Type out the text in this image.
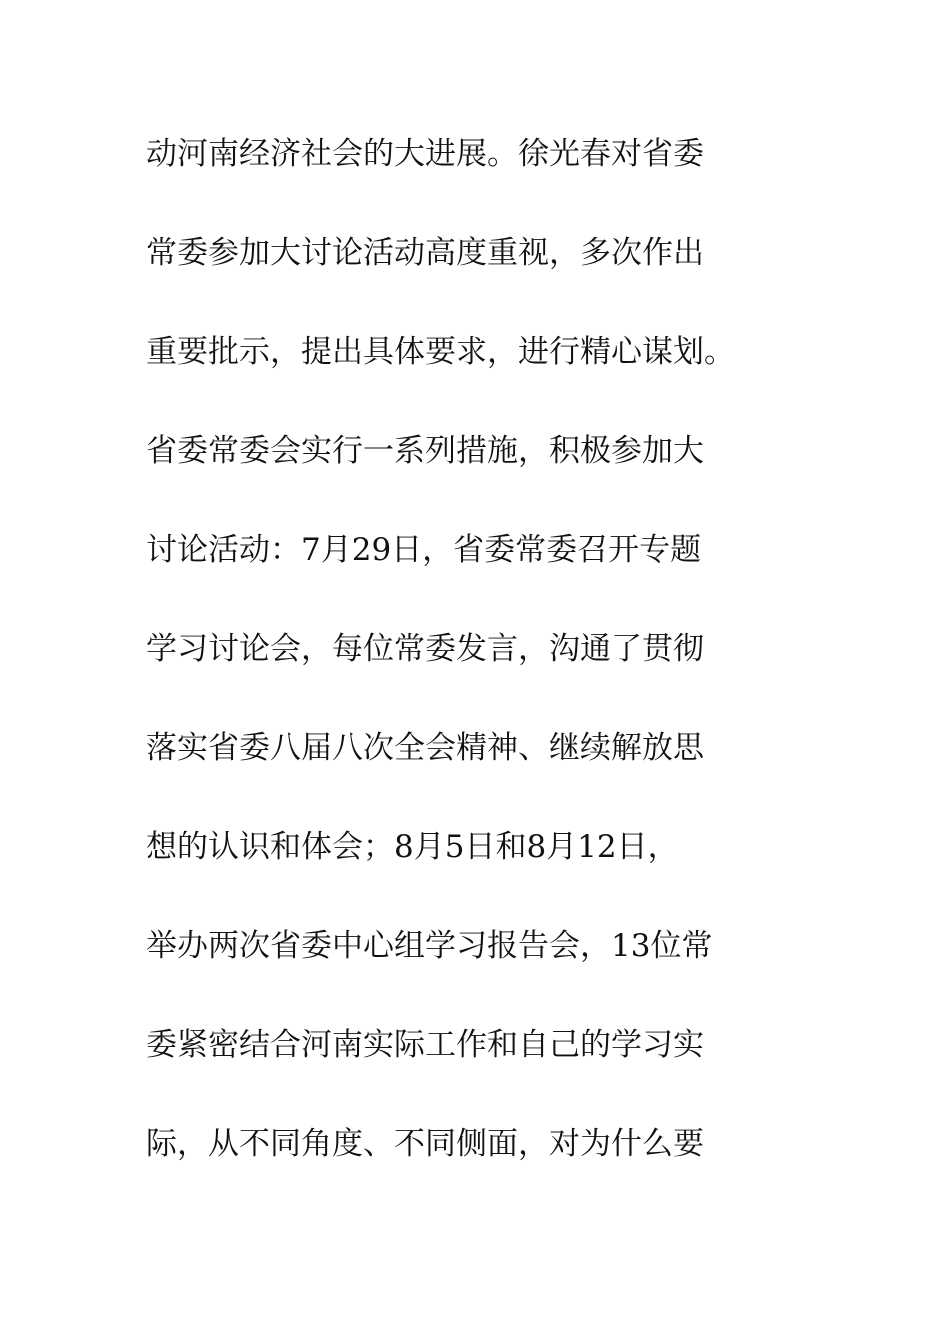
动河南经济社会的大进展。徐光春对省委
常委参加大讨论活动高度重视，多次作出
重要批示，提出具体要求，进行精心谋划。
省委常委会实行一系列措施，积极参加大
讨论活动：7月29日，省委常委召开专题
学习讨论会，每位常委发言，沟通了贯彻
落实省委八届八次全会精神、继续解放思
想的认识和体会；8月5日和8月12日，
举办两次省委中心组学习报告会，13位常
委紧密结合河南实际工作和自己的学习实
际，从不同角度、不同侧面，对为什么要
